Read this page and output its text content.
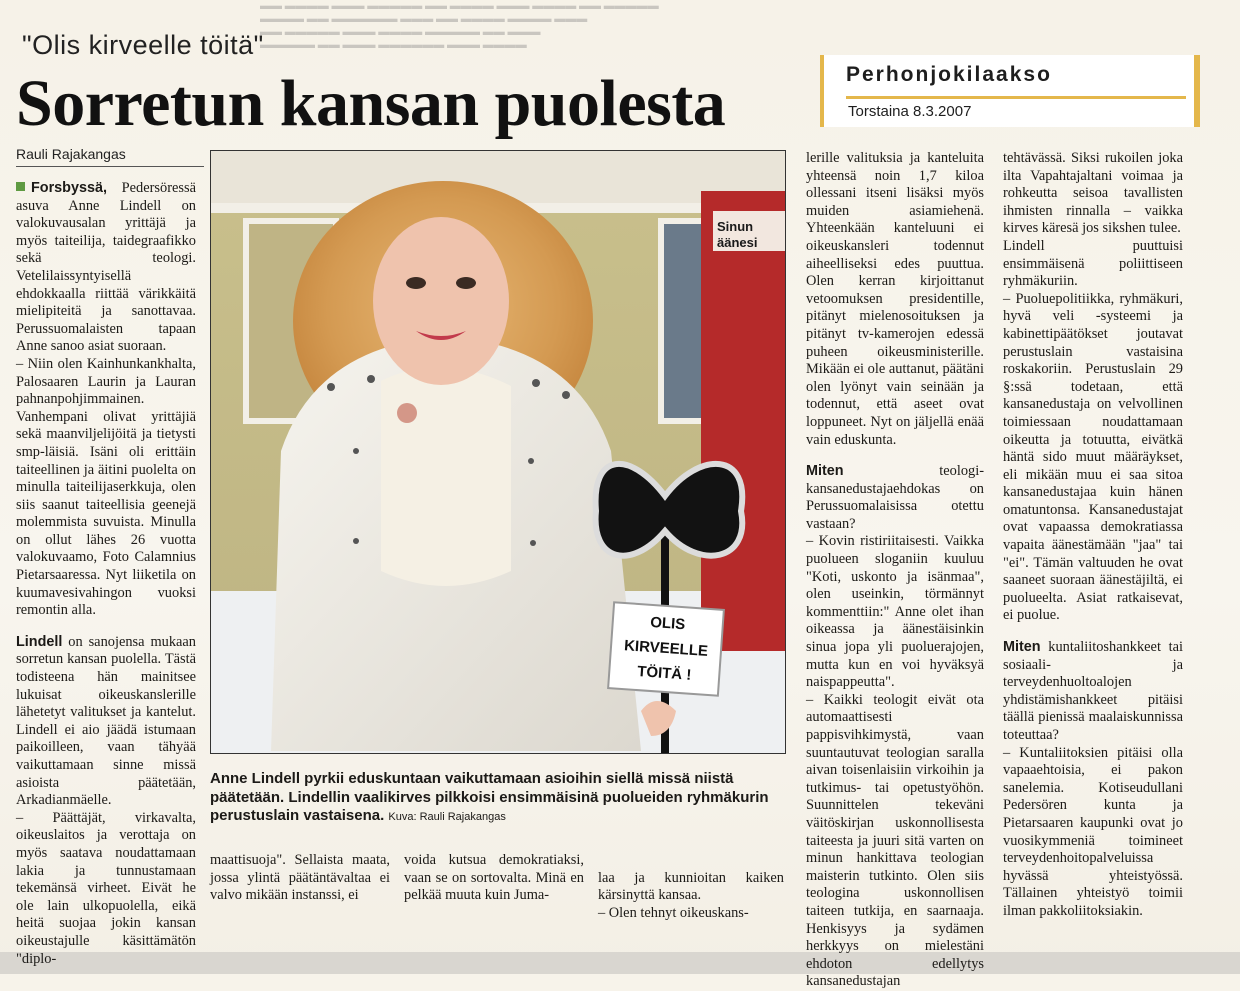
▬▬ ▬▬▬▬ ▬▬▬ ▬▬▬▬▬ ▬▬ ▬▬▬▬ ▬▬▬ ▬▬▬▬ ▬▬ ▬▬▬▬▬
▬▬▬▬ ▬▬ ▬▬▬▬▬▬ ▬▬▬ ▬▬ ▬▬▬▬ ▬▬▬▬ ▬▬▬
▬▬ ▬▬▬▬▬ ▬▬▬ ▬▬▬▬ ▬▬▬▬▬ ▬▬ ▬▬▬
▬▬▬▬▬ ▬▬ ▬▬▬ ▬▬▬▬▬▬ ▬▬▬ ▬▬▬▬
"Olis kirveelle töitä"
Sorretun kansan puolesta
Rauli Rajakangas
Perhonjokilaakso
Torstaina 8.3.2007

Forsbyssä, Pedersöressä asuva Anne Lindell on valokuvausalan yrittäjä ja myös taiteilija, taidegraafikko sekä teologi. Vetelilaissyntyisellä ehdokkaalla riittää värikkäitä mielipiteitä ja sanottavaa. Perussuomalaisten tapaan Anne sanoo asiat suoraan.

– Niin olen Kainhunkankhalta, Palosaaren Laurin ja Lauran pahnanpohjimmainen. Vanhempani olivat yrittäjiä sekä maanviljelijöitä ja tietysti smp-läisiä. Isäni oli erittäin taiteellinen ja äitini puolelta on minulla taiteilijaserkkuja, olen siis saanut taiteellisia geenejä molemmista suvuista. Minulla on ollut lähes 26 vuotta valokuvaamo, Foto Calamnius Pietarsaaressa. Nyt liiketila on kuumavesivahingon vuoksi remontin alla.

Lindell on sanojensa mukaan sorretun kansan puolella. Tästä todisteena hän mainitsee lukuisat oikeuskanslerille lähetetyt valitukset ja kantelut. Lindell ei aio jäädä istumaan paikoilleen, vaan tähyää vaikuttamaan sinne missä asioista päätetään, Arkadianmäelle.

– Päättäjät, virkavalta, oikeuslaitos ja verottaja on myös saatava noudattamaan lakia ja tunnustamaan tekemänsä virheet. Eivät he ole lain ulkopuolella, eikä heitä suojaa jokin kansan oikeustajulle käsittämätön "diplo-

Sinun
äänesi
OLIS
KIRVEELLE
TÖITÄ !
Anne Lindell pyrkii eduskuntaan vaikuttamaan asioihin siellä missä niistä päätetään. Lindellin vaalikirves pilkkoisi ensimmäisinä puolueiden ryhmäkurin perustuslain vastaisena. Kuva: Rauli Rajakangas

maattisuoja". Sellaista maata, jossa ylintä päätäntävaltaa ei valvo mikään instanssi, ei

voida kutsua demokratiaksi, vaan se on sortovalta. Minä en pelkää muuta kuin Juma-

laa ja kunnioitan kaiken kärsinyttä kansaa.
– Olen tehnyt oikeuskans-

lerille valituksia ja kanteluita yhteensä noin 1,7 kiloa ollessani itseni lisäksi myös muiden asiamiehenä. Yhteenkään kanteluuni ei oikeuskansleri todennut aiheelliseksi edes puuttua. Olen kerran kirjoittanut vetoomuksen presidentille, pitänyt mielenosoituksen ja pitänyt tv-kamerojen edessä puheen oikeusministerille. Mikään ei ole auttanut, päätäni olen lyönyt vain seinään ja todennut, että aseet ovat loppuneet. Nyt on jäljellä enää vain eduskunta.

Miten teologi-kansanedustajaehdokas on Perussuomalaisissa otettu vastaan?

– Kovin ristiriitaisesti. Vaikka puolueen sloganiin kuuluu "Koti, uskonto ja isänmaa", olen useinkin, törmännyt kommenttiin:" Anne olet ihan oikeassa ja äänestäisinkin sinua jopa yli puoluerajojen, mutta kun en voi hyväksyä naispappeutta".

– Kaikki teologit eivät ota automaattisesti pappisvihkimystä, vaan suuntautuvat teologian saralla aivan toisenlaisiin virkoihin ja tutkimus- tai opetustyöhön. Suunnittelen tekeväni väitöskirjan uskonnollisesta taiteesta ja juuri sitä varten on minun hankittava teologian maisterin tutkinto. Olen siis teologina uskonnollisen taiteen tutkija, en saarnaaja. Henkisyys ja sydämen herkkyys on mielestäni ehdoton edellytys kansanedustajan

tehtävässä. Siksi rukoilen joka ilta Vapahtajaltani voimaa ja rohkeutta seisoa tavallisten ihmisten rinnalla – vaikka kirves käresä jos sikshen tulee.

Lindell puuttuisi ensimmäisenä poliittiseen ryhmäkuriin.

– Puoluepolitiikka, ryhmäkuri, hyvä veli -systeemi ja kabinettipäätökset joutavat perustuslain vastaisina roskakoriin. Perustuslain 29 §:ssä todetaan, että kansanedustaja on velvollinen toimiessaan noudattamaan oikeutta ja totuutta, eivätkä häntä sido muut määräykset, eli mikään muu ei saa sitoa kansanedustajaa kuin hänen omatuntonsa. Kansanedustajat ovat vapaassa demokratiassa vapaita äänestämään "jaa" tai "ei". Tämän valtuuden he ovat saaneet suoraan äänestäjiltä, ei puolueelta. Asiat ratkaisevat, ei puolue.

Miten kuntaliitoshankkeet tai sosiaali- ja terveydenhuoltoalojen yhdistämishankkeet pitäisi täällä pienissä maalaiskunnissa toteuttaa?

– Kuntaliitoksien pitäisi olla vapaaehtoisia, ei pakon sanelemia. Kotiseudullani Pedersören kunta ja Pietarsaaren kaupunki ovat jo vuosikymmeniä toimineet terveydenhoitopalveluissa hyvässä yhteistyössä. Tällainen yhteistyö toimii ilman pakkoliitoksiakin.
